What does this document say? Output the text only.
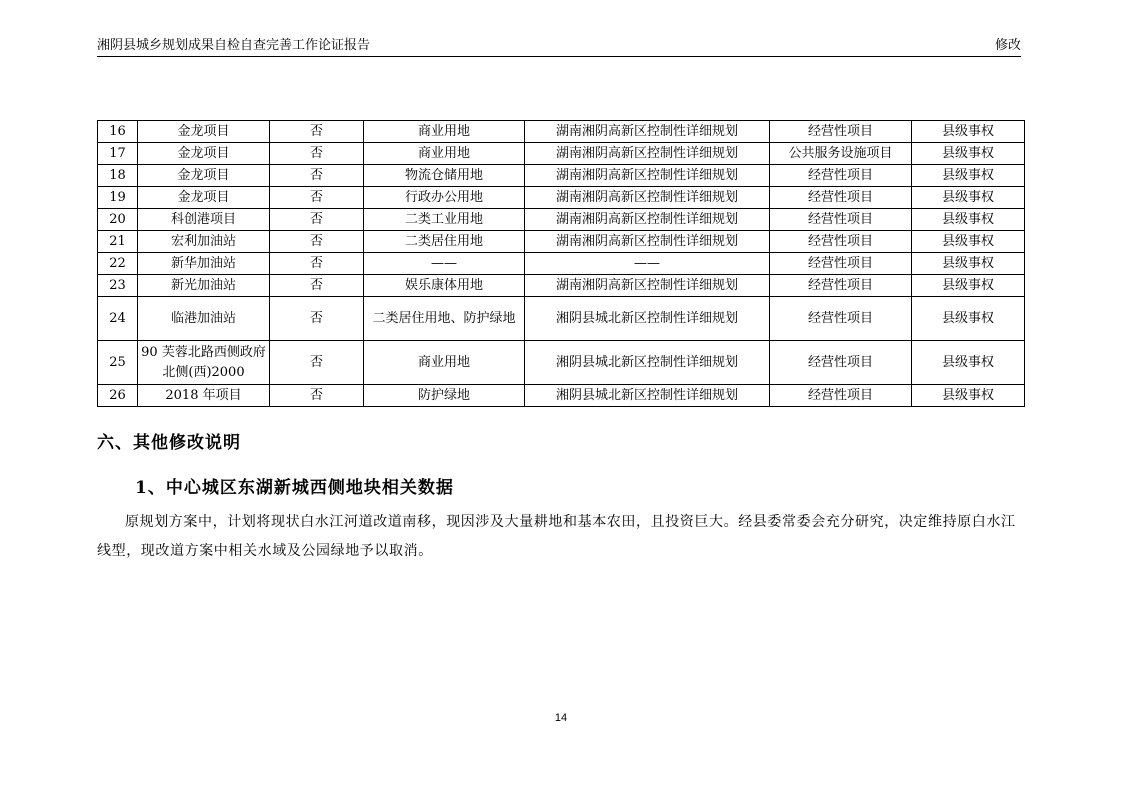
湘阴县城乡规划成果自检自查完善工作论证报告	修改
16	金龙项目	否	商业用地	湖南湘阴高新区控制性详细规划	经营性项目	县级事权
17	金龙项目	否	商业用地	湖南湘阴高新区控制性详细规划	公共服务设施项目	县级事权
18	金龙项目	否	物流仓储用地	湖南湘阴高新区控制性详细规划	经营性项目	县级事权
19	金龙项目	否	行政办公用地	湖南湘阴高新区控制性详细规划	经营性项目	县级事权
20	科创港项目	否	二类工业用地	湖南湘阴高新区控制性详细规划	经营性项目	县级事权
21	宏利加油站	否	二类居住用地	湖南湘阴高新区控制性详细规划	经营性项目	县级事权
22	新华加油站	否	——	——	经营性项目	县级事权
23	新光加油站	否	娱乐康体用地	湖南湘阴高新区控制性详细规划	经营性项目	县级事权
24	临港加油站	否	二类居住用地、防护绿地	湘阴县城北新区控制性详细规划	经营性项目	县级事权
25	90 芙蓉北路西侧政府北侧(西)2000	否	商业用地	湘阴县城北新区控制性详细规划	经营性项目	县级事权
26	2018 年项目	否	防护绿地	湘阴县城北新区控制性详细规划	经营性项目	县级事权
六、其他修改说明
1、中心城区东湖新城西侧地块相关数据
原规划方案中，计划将现状白水江河道改道南移，现因涉及大量耕地和基本农田，且投资巨大。经县委常委会充分研究，决定维持原白水江线型，现改道方案中相关水域及公园绿地予以取消。
14
